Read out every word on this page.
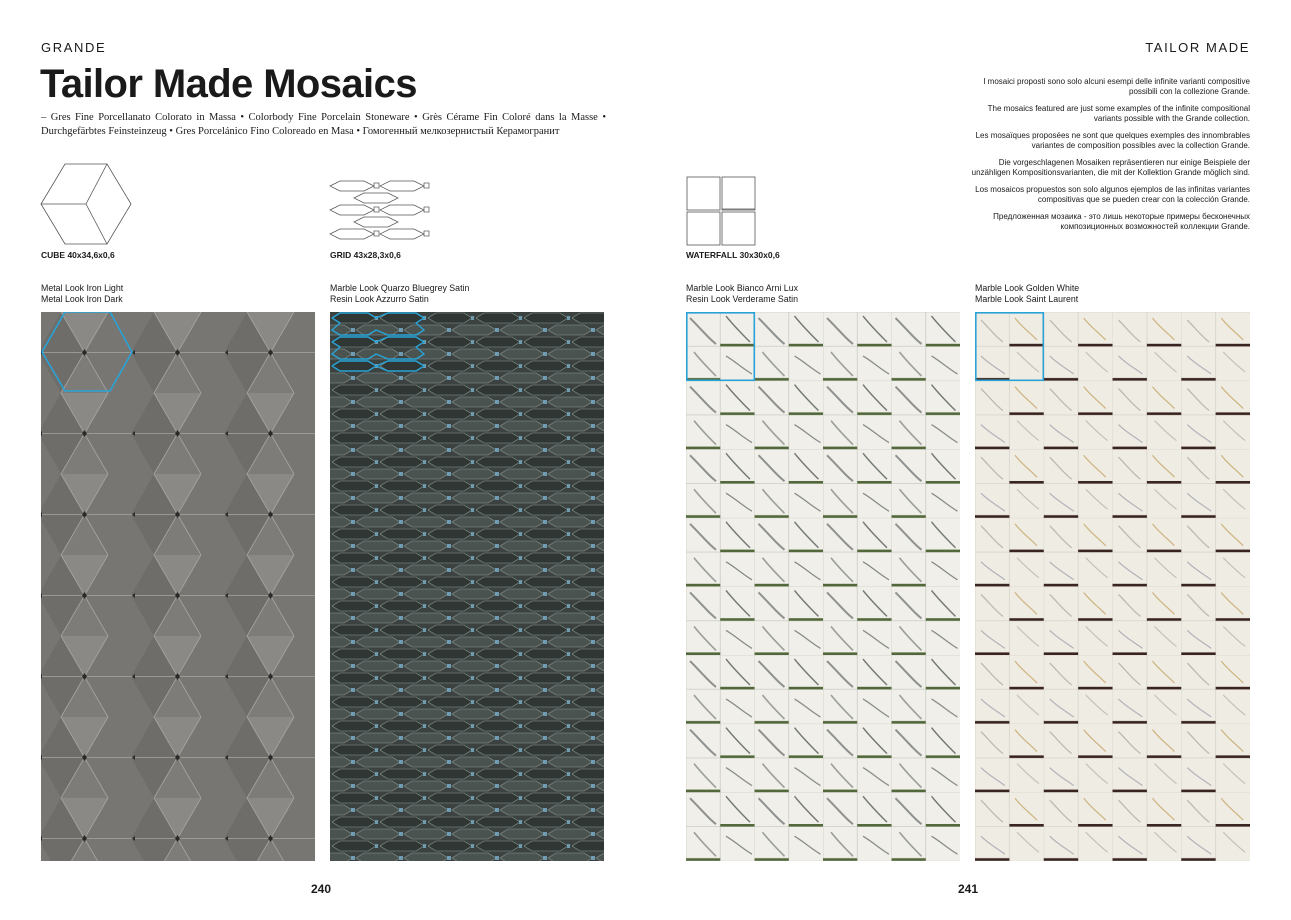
GRANDE
Tailor Made Mosaics
– Gres Fine Porcellanato Colorato in Massa • Colorbody Fine Porcelain Stoneware • Grès Cérame Fin Coloré dans la Masse • Durchgefärbtes Feinsteinzeug • Gres Porcelánico Fino Coloreado en Masa • Гомогенный мелкозернистый Керамогранит
TAILOR MADE

I mosaici proposti sono solo alcuni esempi delle infinite varianti compositive possibili con la collezione Grande.

The mosaics featured are just some examples of the infinite compositional variants possible with the Grande collection.

Les mosaïques proposées ne sont que quelques exemples des innombrables variantes de composition possibles avec la collection Grande.

Die vorgeschlagenen Mosaiken repräsentieren nur einige Beispiele der unzähligen Kompositionsvarianten, die mit der Kollektion Grande möglich sind.

Los mosaicos propuestos son solo algunos ejemplos de las infinitas variantes compositivas que se pueden crear con la colección Grande.

Предложенная мозаика - это лишь некоторые примеры бесконечных композиционных возможностей коллекции Grande.

CUBE 40x34,6x0,6	GRID 43x28,3x0,6	WATERFALL 30x30x0,6
Metal Look Iron Light
Metal Look Iron Dark
Marble Look Quarzo Bluegrey Satin
Resin Look Azzurro Satin
Marble Look Bianco Arni Lux
Resin Look Verderame Satin
Marble Look Golden White
Marble Look Saint Laurent
240	241
